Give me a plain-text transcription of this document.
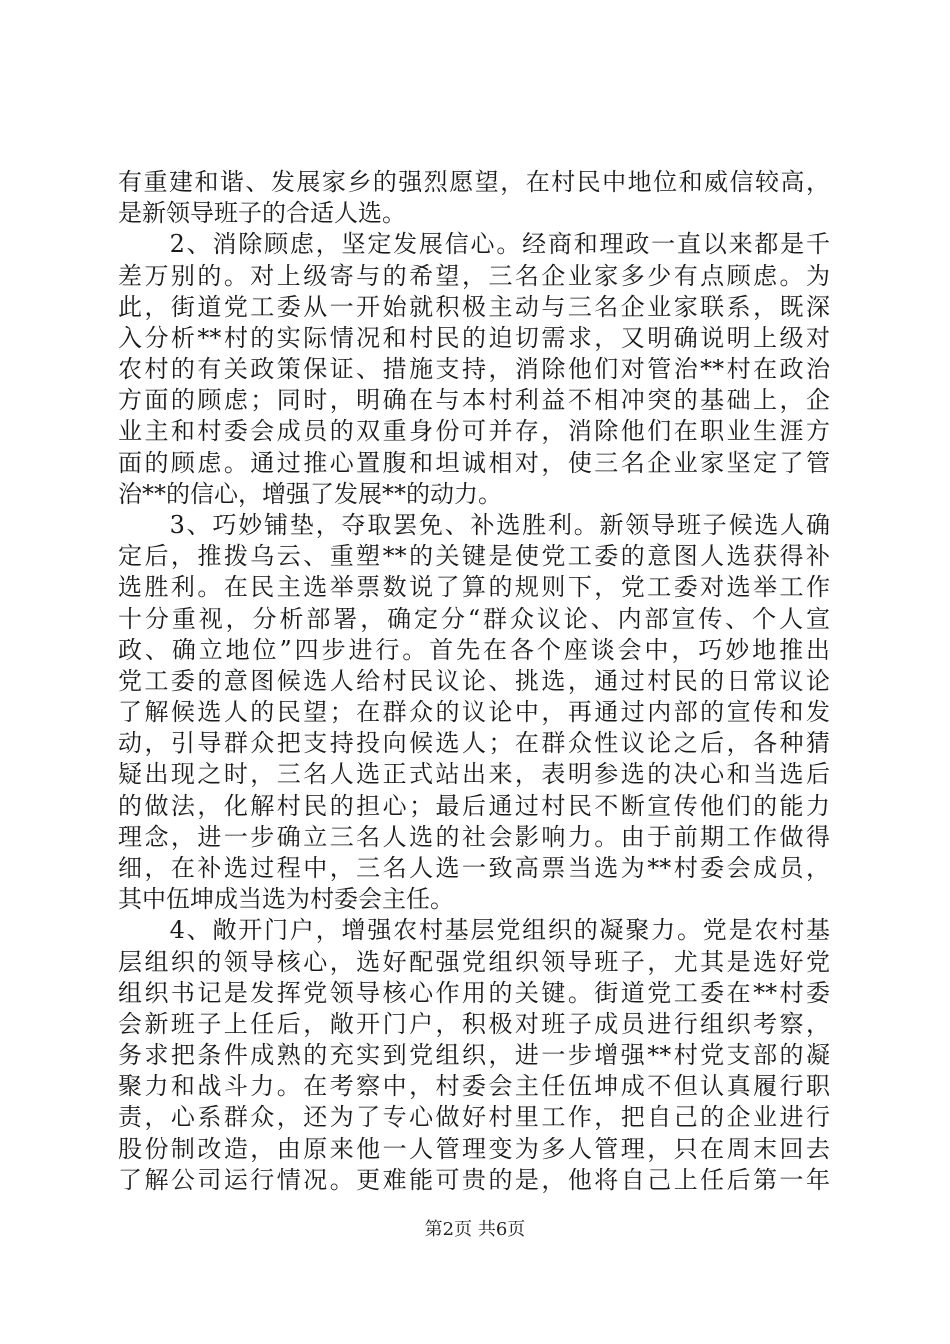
有重建和谐、发展家乡的强烈愿望，在村民中地位和威信较高，
是新领导班子的合适人选。
　　2、消除顾虑，坚定发展信心。经商和理政一直以来都是千
差万别的。对上级寄与的希望，三名企业家多少有点顾虑。为
此，街道党工委从一开始就积极主动与三名企业家联系，既深
入分析**村的实际情况和村民的迫切需求，又明确说明上级对
农村的有关政策保证、措施支持，消除他们对管治**村在政治
方面的顾虑；同时，明确在与本村利益不相冲突的基础上，企
业主和村委会成员的双重身份可并存，消除他们在职业生涯方
面的顾虑。通过推心置腹和坦诚相对，使三名企业家坚定了管
治**的信心，增强了发展**的动力。
　　3、巧妙铺垫，夺取罢免、补选胜利。新领导班子候选人确
定后，推拨乌云、重塑**的关键是使党工委的意图人选获得补
选胜利。在民主选举票数说了算的规则下，党工委对选举工作
十分重视，分析部署，确定分“群众议论、内部宣传、个人宣
政、确立地位”四步进行。首先在各个座谈会中，巧妙地推出
党工委的意图候选人给村民议论、挑选，通过村民的日常议论
了解候选人的民望；在群众的议论中，再通过内部的宣传和发
动，引导群众把支持投向候选人；在群众性议论之后，各种猜
疑出现之时，三名人选正式站出来，表明参选的决心和当选后
的做法，化解村民的担心；最后通过村民不断宣传他们的能力
理念，进一步确立三名人选的社会影响力。由于前期工作做得
细，在补选过程中，三名人选一致高票当选为**村委会成员，
其中伍坤成当选为村委会主任。
　　4、敞开门户，增强农村基层党组织的凝聚力。党是农村基
层组织的领导核心，选好配强党组织领导班子，尤其是选好党
组织书记是发挥党领导核心作用的关键。街道党工委在**村委
会新班子上任后，敞开门户，积极对班子成员进行组织考察，
务求把条件成熟的充实到党组织，进一步增强**村党支部的凝
聚力和战斗力。在考察中，村委会主任伍坤成不但认真履行职
责，心系群众，还为了专心做好村里工作，把自己的企业进行
股份制改造，由原来他一人管理变为多人管理，只在周末回去
了解公司运行情况。更难能可贵的是，他将自己上任后第一年
第2页 共6页
